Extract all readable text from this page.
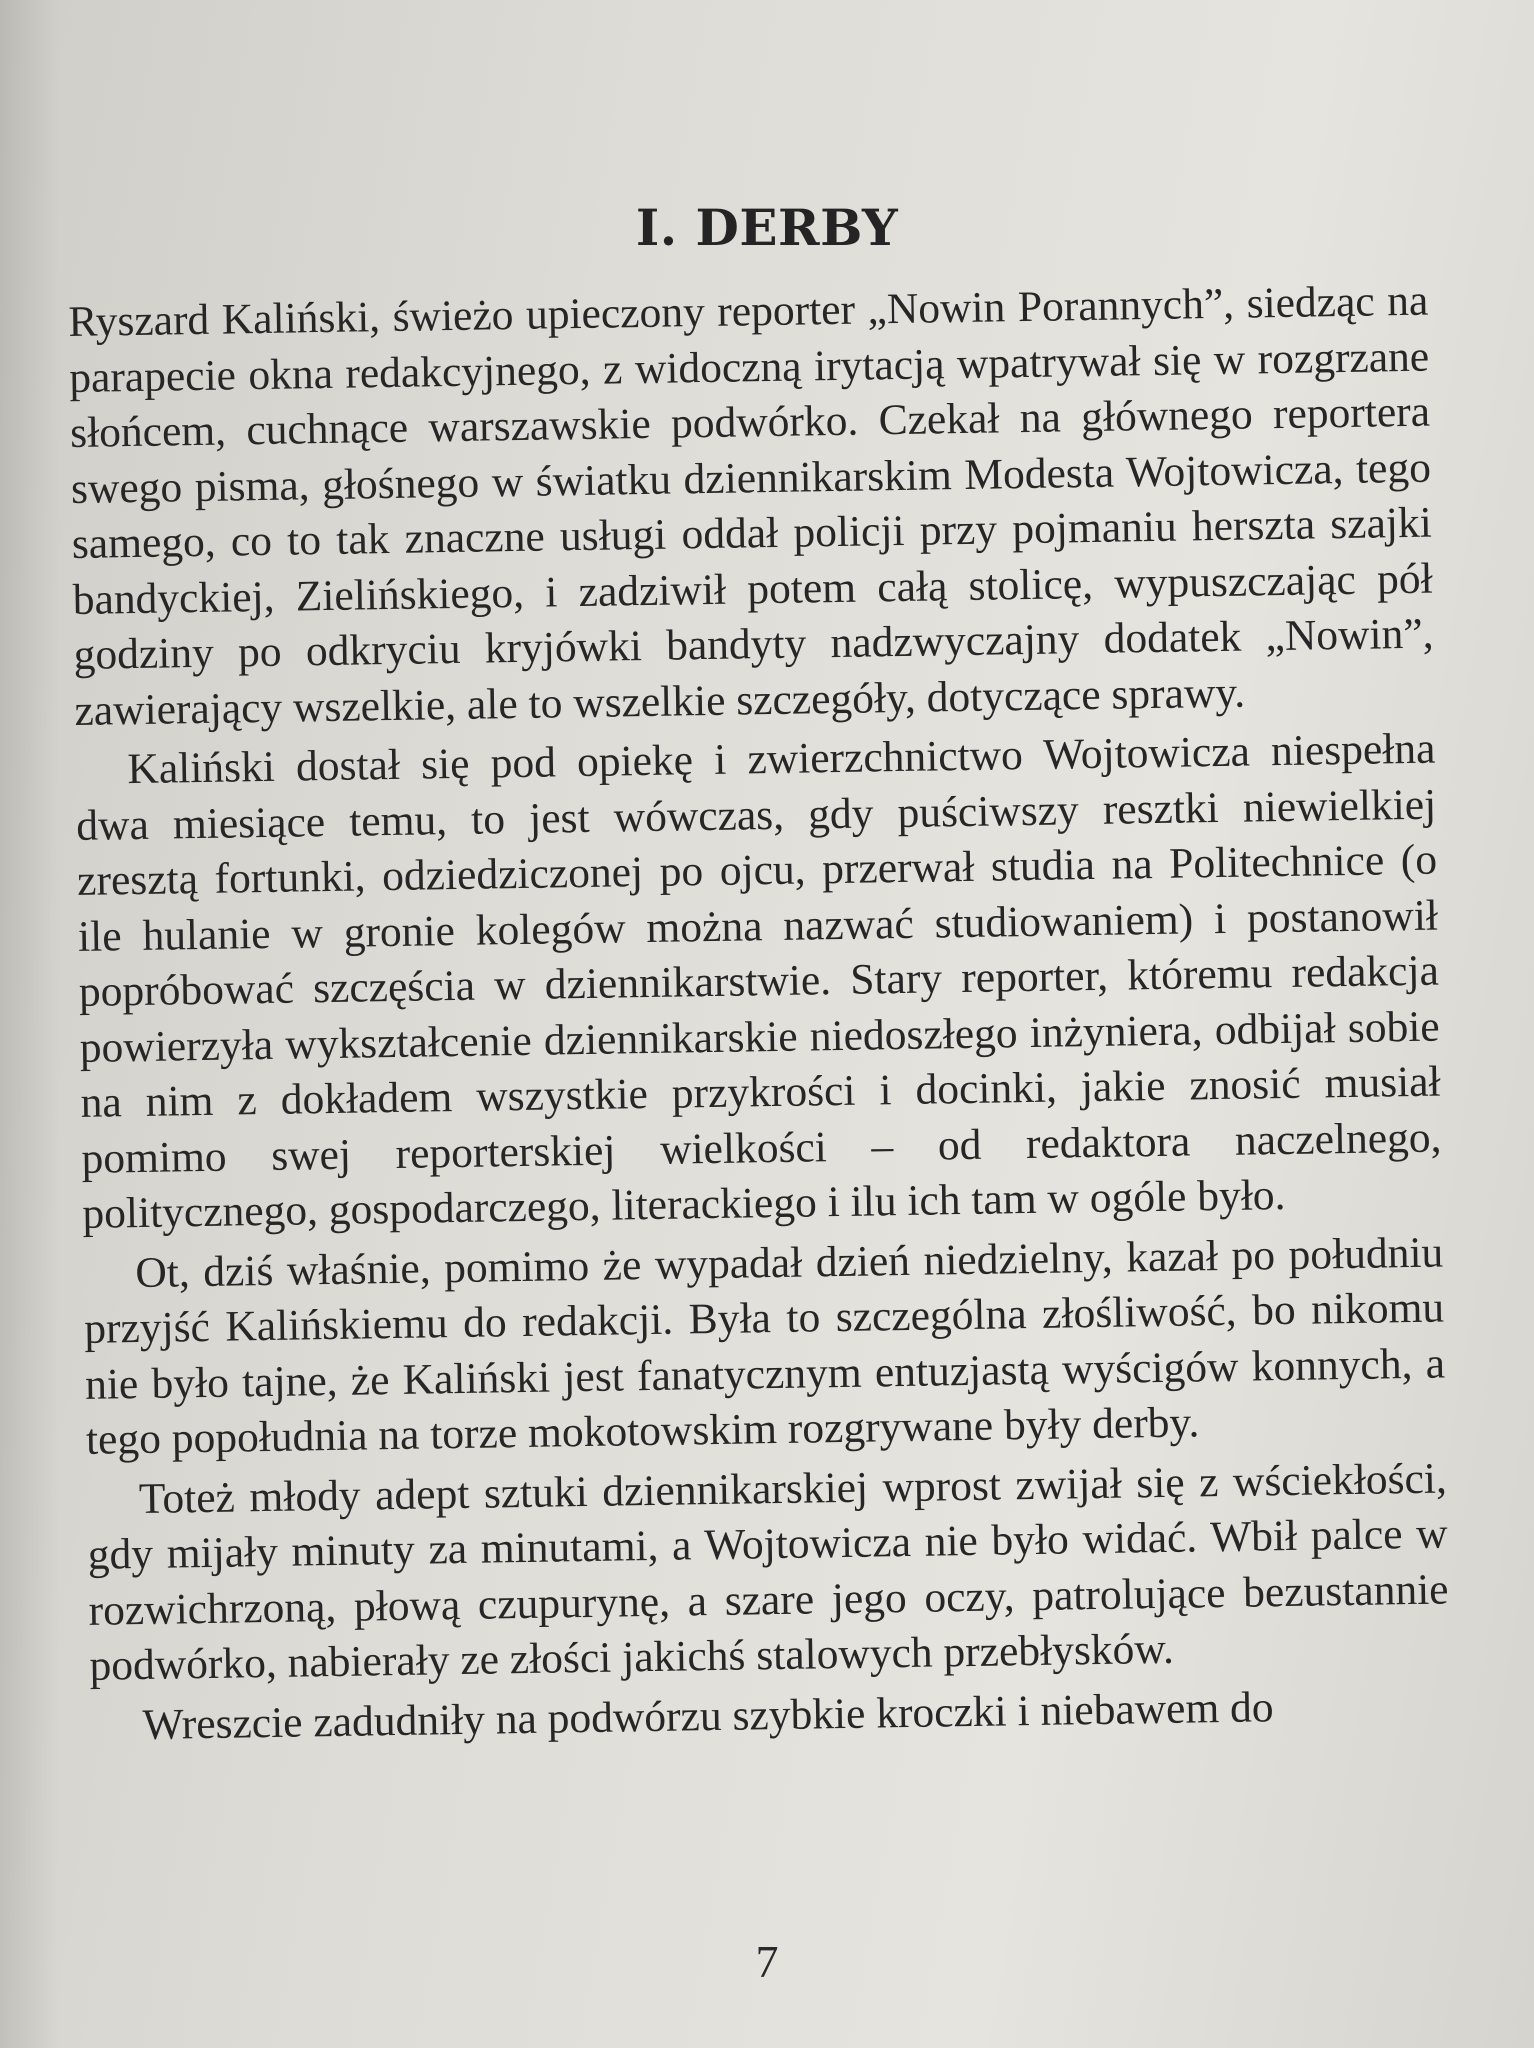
I. DERBY

Ryszard Kaliński, świeżo upieczony reporter „Nowin Porannych”, siedząc na parapecie okna redakcyjnego, z widoczną irytacją wpatrywał się w rozgrzane słońcem, cuchnące warszawskie podwórko. Czekał na głównego reportera swego pisma, głośnego w światku dziennikarskim Modesta Wojtowicza, tego samego, co to tak znaczne usługi oddał policji przy pojmaniu herszta szajki bandyckiej, Zielińskiego, i zadziwił potem całą stolicę, wypuszczając pół godziny po odkryciu kryjówki bandyty nadzwyczajny dodatek „Nowin”, zawierający wszelkie, ale to wszelkie szczegóły, dotyczące sprawy.

Kaliński dostał się pod opiekę i zwierzchnictwo Wojtowicza niespełna dwa miesiące temu, to jest wówczas, gdy puściwszy resztki niewielkiej zresztą fortunki, odziedziczonej po ojcu, przerwał studia na Politechnice (o ile hulanie w gronie kolegów można nazwać studiowaniem) i postanowił popróbować szczęścia w dziennikarstwie. Stary reporter, któremu redakcja powierzyła wykształcenie dziennikarskie niedoszłego inżyniera, odbijał sobie na nim z dokładem wszystkie przykrości i docinki, jakie znosić musiał pomimo swej reporterskiej wielkości – od redaktora naczelnego, politycznego, gospodarczego, literackiego i ilu ich tam w ogóle było.

Ot, dziś właśnie, pomimo że wypadał dzień niedzielny, kazał po południu przyjść Kalińskiemu do redakcji. Była to szczególna złośliwość, bo nikomu nie było tajne, że Kaliński jest fanatycznym entuzjastą wyścigów konnych, a tego popołudnia na torze mokotowskim rozgrywane były derby.

Toteż młody adept sztuki dziennikarskiej wprost zwijał się z wściekłości, gdy mijały minuty za minutami, a Wojtowicza nie było widać. Wbił palce w rozwichrzoną, płową czupurynę, a szare jego oczy, patrolujące bezustannie podwórko, nabierały ze złości jakichś stalowych przebłysków.

Wreszcie zadudniły na podwórzu szybkie kroczki i niebawem do

7
